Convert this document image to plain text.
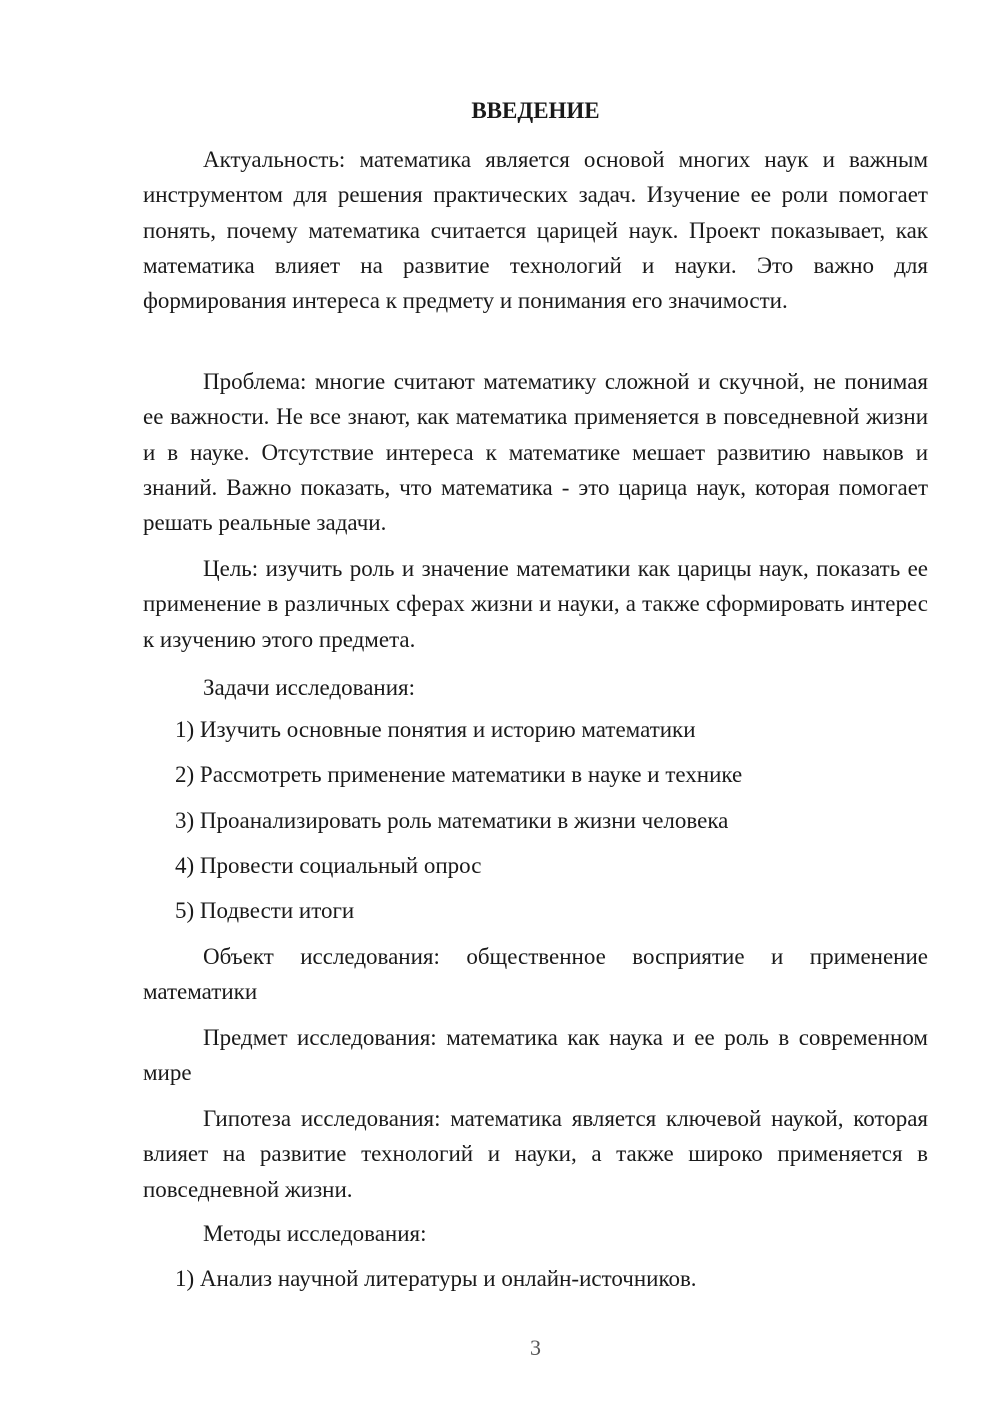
ВВЕДЕНИЕ

Актуальность: математика является основой многих наук и важным инструментом для решения практических задач. Изучение ее роли помогает понять, почему математика считается царицей наук. Проект показывает, как математика влияет на развитие технологий и науки. Это важно для формирования интереса к предмету и понимания его значимости.

Проблема: многие считают математику сложной и скучной, не понимая ее важности. Не все знают, как математика применяется в повседневной жизни и в науке. Отсутствие интереса к математике мешает развитию навыков и знаний. Важно показать, что математика - это царица наук, которая помогает решать реальные задачи.

Цель: изучить роль и значение математики как царицы наук, показать ее применение в различных сферах жизни и науки, а также сформировать интерес к изучению этого предмета.

Задачи исследования:

1) Изучить основные понятия и историю математики

2) Рассмотреть применение математики в науке и технике

3) Проанализировать роль математики в жизни человека

4) Провести социальный опрос

5) Подвести итоги

Объект исследования: общественное восприятие и применение математики

Предмет исследования: математика как наука и ее роль в современном мире

Гипотеза исследования: математика является ключевой наукой, которая влияет на развитие технологий и науки, а также широко применяется в повседневной жизни.

Методы исследования:

1) Анализ научной литературы и онлайн-источников.

3
